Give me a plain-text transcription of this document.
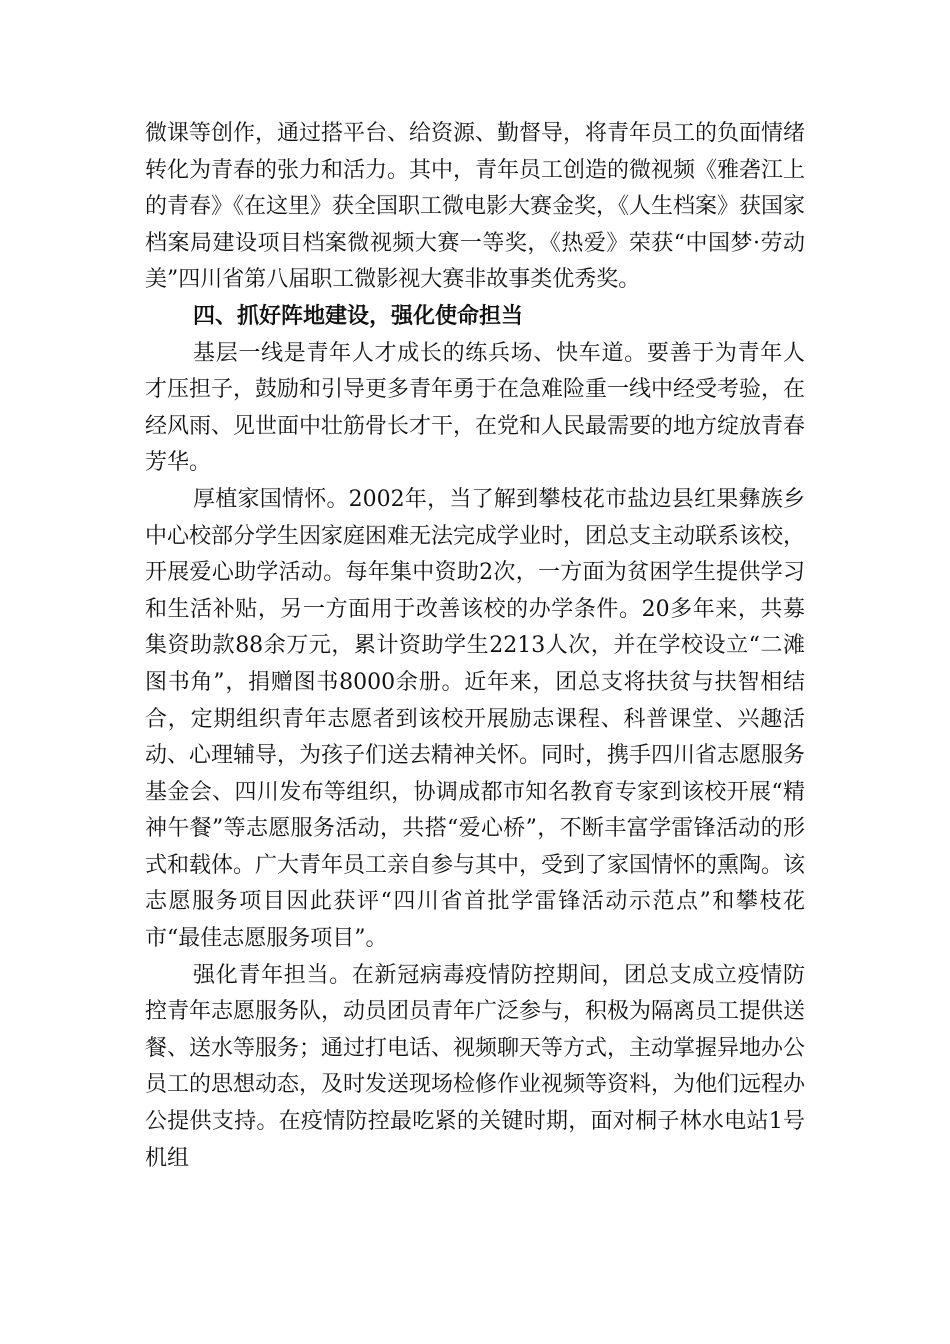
微课等创作，通过搭平台、给资源、勤督导，将青年员工的负面情绪转化为青春的张力和活力。其中，青年员工创造的微视频《雅砻江上的青春》《在这里》获全国职工微电影大赛金奖，《人生档案》获国家档案局建设项目档案微视频大赛一等奖，《热爱》荣获“中国梦·劳动美”四川省第八届职工微影视大赛非故事类优秀奖。

四、抓好阵地建设，强化使命担当

基层一线是青年人才成长的练兵场、快车道。要善于为青年人才压担子，鼓励和引导更多青年勇于在急难险重一线中经受考验，在经风雨、见世面中壮筋骨长才干，在党和人民最需要的地方绽放青春芳华。

厚植家国情怀。2002年，当了解到攀枝花市盐边县红果彝族乡中心校部分学生因家庭困难无法完成学业时，团总支主动联系该校，开展爱心助学活动。每年集中资助2次，一方面为贫困学生提供学习和生活补贴，另一方面用于改善该校的办学条件。20多年来，共募集资助款88余万元，累计资助学生2213人次，并在学校设立“二滩图书角”，捐赠图书8000余册。近年来，团总支将扶贫与扶智相结合，定期组织青年志愿者到该校开展励志课程、科普课堂、兴趣活动、心理辅导，为孩子们送去精神关怀。同时，携手四川省志愿服务基金会、四川发布等组织，协调成都市知名教育专家到该校开展“精神午餐”等志愿服务活动，共搭“爱心桥”，不断丰富学雷锋活动的形式和载体。广大青年员工亲自参与其中，受到了家国情怀的熏陶。该志愿服务项目因此获评“四川省首批学雷锋活动示范点”和攀枝花市“最佳志愿服务项目”。

强化青年担当。在新冠病毒疫情防控期间，团总支成立疫情防控青年志愿服务队，动员团员青年广泛参与，积极为隔离员工提供送餐、送水等服务；通过打电话、视频聊天等方式，主动掌握异地办公员工的思想动态，及时发送现场检修作业视频等资料，为他们远程办公提供支持。在疫情防控最吃紧的关键时期，面对桐子林水电站1号机组
